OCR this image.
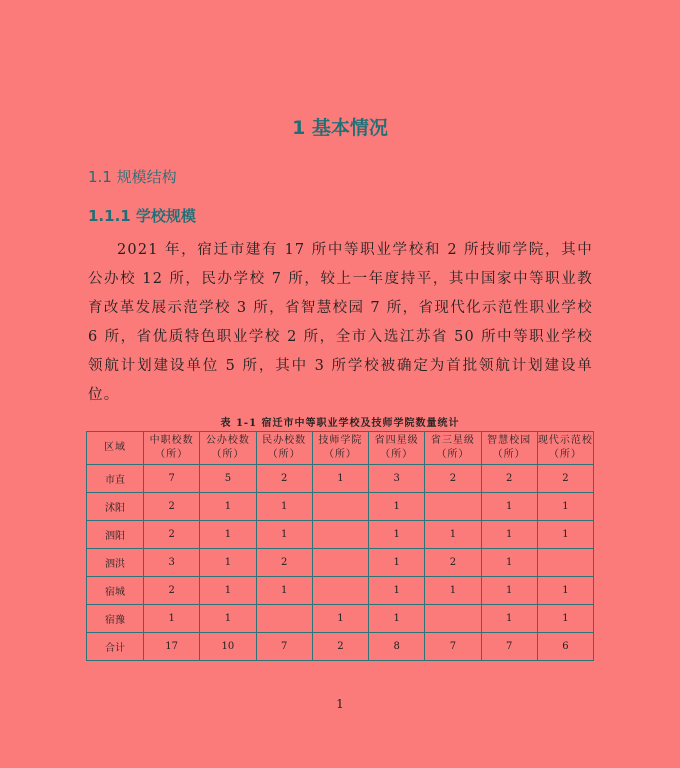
1 基本情况
1.1 规模结构
1.1.1 学校规模

2021 年，宿迁市建有 17 所中等职业学校和 2 所技师学院，其中公办校 12 所，民办学校 7 所，较上一年度持平，其中国家中等职业教育改革发展示范学校 3 所，省智慧校园 7 所，省现代化示范性职业学校 6 所，省优质特色职业学校 2 所，全市入选江苏省 50 所中等职业学校领航计划建设单位 5 所，其中 3 所学校被确定为首批领航计划建设单位。

表 1-1 宿迁市中等职业学校及技师学院数量统计
区域	中职校数（所）	公办校数（所）	民办校数（所）	技师学院（所）	省四星级（所）	省三星级（所）	智慧校园（所）	现代示范校（所）
市直	7	5	2	1	3	2	2	2
沭阳	2	1	1		1		1	1
泗阳	2	1	1		1	1	1	1
泗洪	3	1	2		1	2	1	
宿城	2	1	1		1	1	1	1
宿豫	1	1		1	1		1	1
合计	17	10	7	2	8	7	7	6
1
